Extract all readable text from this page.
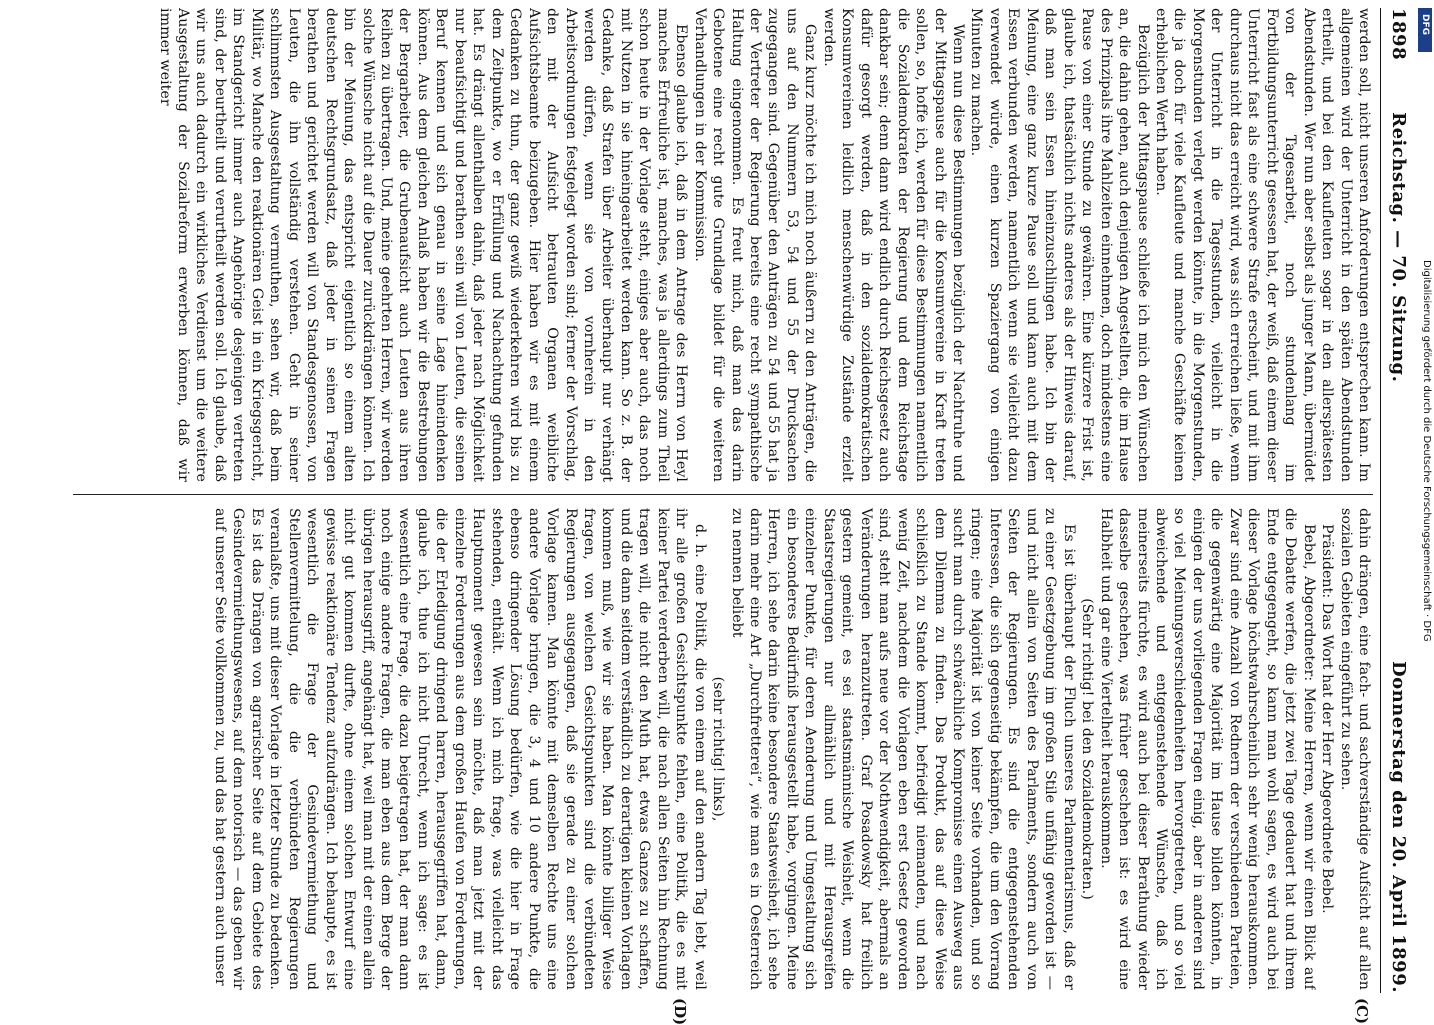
1898
Reichstag. — 70. Sitzung.
Donnerstag den 20. April 1899.

werden soll, nicht unseren Anforderungen entsprechen kann. Im allgemeinen wird der Unterricht in den späten Abendstunden ertheilt, und bei den Kaufleuten sogar in den allerspätesten Abendstunden. Wer nun aber selbst als junger Mann, übermüdet von der Tagesarbeit, noch stundenlang im Fortbildungsunterricht gesessen hat, der weiß, daß einem dieser Unterricht fast als eine schwere Strafe erscheint, und mit ihm durchaus nicht das erreicht wird, was sich erreichen ließe, wenn der Unterricht in die Tagesstunden, vielleicht in die Morgenstunden verlegt werden könnte, in die Morgenstunden, die ja doch für viele Kaufleute und manche Geschäfte keinen erheblichen Werth haben.

Bezüglich der Mittagspause schließe ich mich den Wünschen an, die dahin gehen, auch denjenigen Angestellten, die im Hause des Prinzipals ihre Mahlzeiten einnehmen, doch mindestens eine Pause von einer Stunde zu gewähren. Eine kürzere Frist ist, glaube ich, thatsächlich nichts anderes als der Hinweis darauf, daß man sein Essen hineinzuschlingen habe. Ich bin der Meinung, eine ganz kurze Pause soll und kann auch mit dem Essen verbunden werden, namentlich wenn sie vielleicht dazu verwendet würde, einen kurzen Spaziergang von einigen Minuten zu machen.

Wenn nun diese Bestimmungen bezüglich der Nachtruhe und der Mittagspause auch für die Konsumvereine in Kraft treten sollen, so, hoffe ich, werden für diese Bestimmungen namentlich die Sozialdemokraten der Regierung und dem Reichstage dankbar sein; denn dann wird endlich durch Reichsgesetz auch dafür gesorgt werden, daß in den sozialdemokratischen Konsumvereinen leidlich menschenwürdige Zustände erzielt werden.

Ganz kurz möchte ich mich noch äußern zu den Anträgen, die uns auf den Nummern 53, 54 und 55 der Drucksachen zugegangen sind. Gegenüber den Anträgen zu 54 und 55 hat ja der Vertreter der Regierung bereits eine recht sympathische Haltung eingenommen. Es freut mich, daß man das darin Gebotene eine recht gute Grundlage bildet für die weiteren Verhandlungen in der Kommission.

Ebenso glaube ich, daß in dem Antrage des Herrn von Heyl manches Erfreuliche ist, manches, was ja allerdings zum Theil schon heute in der Vorlage steht, einiges aber auch, das noch mit Nutzen in sie hineingearbeitet werden kann. So z. B. der Gedanke, daß Strafen über Arbeiter überhaupt nur verhängt werden dürfen, wenn sie von vornherein in den Arbeitsordnungen festgelegt worden sind; ferner der Vorschlag, den mit der Aufsicht betrauten Organen weibliche Aufsichtsbeamte beizugeben. Hier haben wir es mit einem Gedanken zu thun, der ganz gewiß wiederkehren wird bis zu dem Zeitpunkte, wo er Erfüllung und Nachachtung gefunden hat. Es drängt allenthalben dahin, daß jeder nach Möglichkeit nur beaufsichtigt und berathen sein will von Leuten, die seinen Beruf kennen und sich genau in seine Lage hineindenken können. Aus dem gleichen Anlaß haben wir die Bestrebungen der Bergarbeiter, die Grubenaufsicht auch Leuten aus ihren Reihen zu übertragen. Und, meine geehrten Herren, wir werden solche Wünsche nicht auf die Dauer zurückdrängen können. Ich bin der Meinung, das entspricht eigentlich so einem alten deutschen Rechtsgrundsatz, daß jeder in seinen Fragen berathen und gerichtet werden will von Standesgenossen, von Leuten, die ihn vollständig verstehen. Geht in seiner schlimmsten Ausgestaltung vermuthen, sehen wir, daß beim Militär, wo Manche den reaktionären Geist in ein Kriegsgericht, im Standgericht immer auch Angehörige desjenigen vertreten sind, der beurtheilt und verurtheilt werden soll. Ich glaube, daß wir uns auch dadurch ein wirkliches Verdienst um die weitere Ausgestaltung der Sozialreform erwerben können, daß wir immer weiter

dahin drängen, eine fach- und sachverständige Aufsicht auf allen sozialen Gebieten eingeführt zu sehen.

Präsident: Das Wort hat der Herr Abgeordnete Bebel.

Bebel, Abgeordneter: Meine Herren, wenn wir einen Blick auf die Debatte werfen, die jetzt zwei Tage gedauert hat und ihrem Ende entgegengeht, so kann man wohl sagen, es wird auch bei dieser Vorlage höchstwahrscheinlich sehr wenig herauskommen. Zwar sind eine Anzahl von Rednern der verschiedenen Parteien, die gegenwärtig eine Majorität im Hause bilden könnten, in einigen der uns vorliegenden Fragen einig, aber in anderen sind so viel Meinungsverschiedenheiten hervorgetreten, und so viel abweichende und entgegenstehende Wünsche, daß ich meinerseits fürchte, es wird auch bei dieser Berathung wieder dasselbe geschehen, was früher geschehen ist: es wird eine Halbheit und gar eine Viertelheit herauskommen.

(Sehr richtig! bei den Sozialdemokraten.)

Es ist überhaupt der Fluch unseres Parlamentarismus, daß er zu einer Gesetzgebung im großen Stile unfähig geworden ist — und nicht allein von Seiten des Parlaments, sondern auch von Seiten der Regierungen. Es sind die entgegenstehenden Interessen, die sich gegenseitig bekämpfen, die um den Vorrang ringen; eine Majorität ist von keiner Seite vorhanden, und so sucht man durch schwächliche Kompromisse einen Ausweg aus dem Dilemma zu finden. Das Produkt, das auf diese Weise schließlich zu Stande kommt, befriedigt niemanden, und nach wenig Zeit, nachdem die Vorlagen eben erst Gesetz geworden sind, steht man aufs neue vor der Nothwendigkeit, abermals an Veränderungen heranzutreten. Graf Posadowsky hat freilich gestern gemeint, es sei staatsmännische Weisheit, wenn die Staatsregierungen nur allmählich und mit Herausgreifen einzelner Punkte, für deren Aenderung und Umgestaltung sich ein besonderes Bedürfniß herausgestellt habe, vorgingen. Meine Herren, ich sehe darin keine besondere Staatsweisheit, ich sehe darin mehr eine Art „Durchfretterei“, wie man es in Oesterreich zu nennen beliebt

(sehr richtig! links),

d. h. eine Politik, die von einem auf den andern Tag lebt, weil ihr alle großen Gesichtspunkte fehlen, eine Politik, die es mit keiner Partei verderben will, die nach allen Seiten hin Rechnung tragen will, die nicht den Muth hat, etwas Ganzes zu schaffen, und die dann seitdem verständlich zu derartigen kleinen Vorlagen kommen muß, wie wir sie haben. Man könnte billiger Weise fragen, von welchen Gesichtspunkten sind die verbündeten Regierungen ausgegangen, daß sie gerade zu einer solchen Vorlage kamen. Man könnte mit demselben Rechte uns eine andere Vorlage bringen, die 3, 4 und 10 andere Punkte, die ebenso dringender Lösung bedürfen, wie die hier in Frage stehenden, enthält. Wenn ich mich frage, was vielleicht das Hauptmoment gewesen sein möchte, daß man jetzt mit der einzelne Forderungen aus dem großen Haufen von Forderungen, die der Erledigung dringend harren, herausgegriffen hat, dann, glaube ich, thue ich nicht Unrecht, wenn ich sage: es ist wesentlich eine Frage, die dazu beigetragen hat, der man dann noch einige andere Fragen, die man eben aus dem Berge der übrigen herausgriff, angehängt hat, weil man mit der einen allein nicht gut kommen durfte, ohne einem solchen Entwurf eine gewisse reaktionäre Tendenz aufzudrängen. Ich behaupte, es ist wesentlich die Frage der Gesindevermiethung und Stellenvermittelung, die die verbündeten Regierungen veranlaßte, uns mit dieser Vorlage in letzter Stunde zu bedenken. Es ist das Drängen von agrarischer Seite auf dem Gebiete des Gesindevermiethungswesens, auf dem notorisch — das geben wir auf unserer Seite vollkommen zu, und das hat gestern auch unser

(C)
(D)
DFG
Digitalisierung gefördert durch die Deutsche Forschungsgemeinschaft · DFG
